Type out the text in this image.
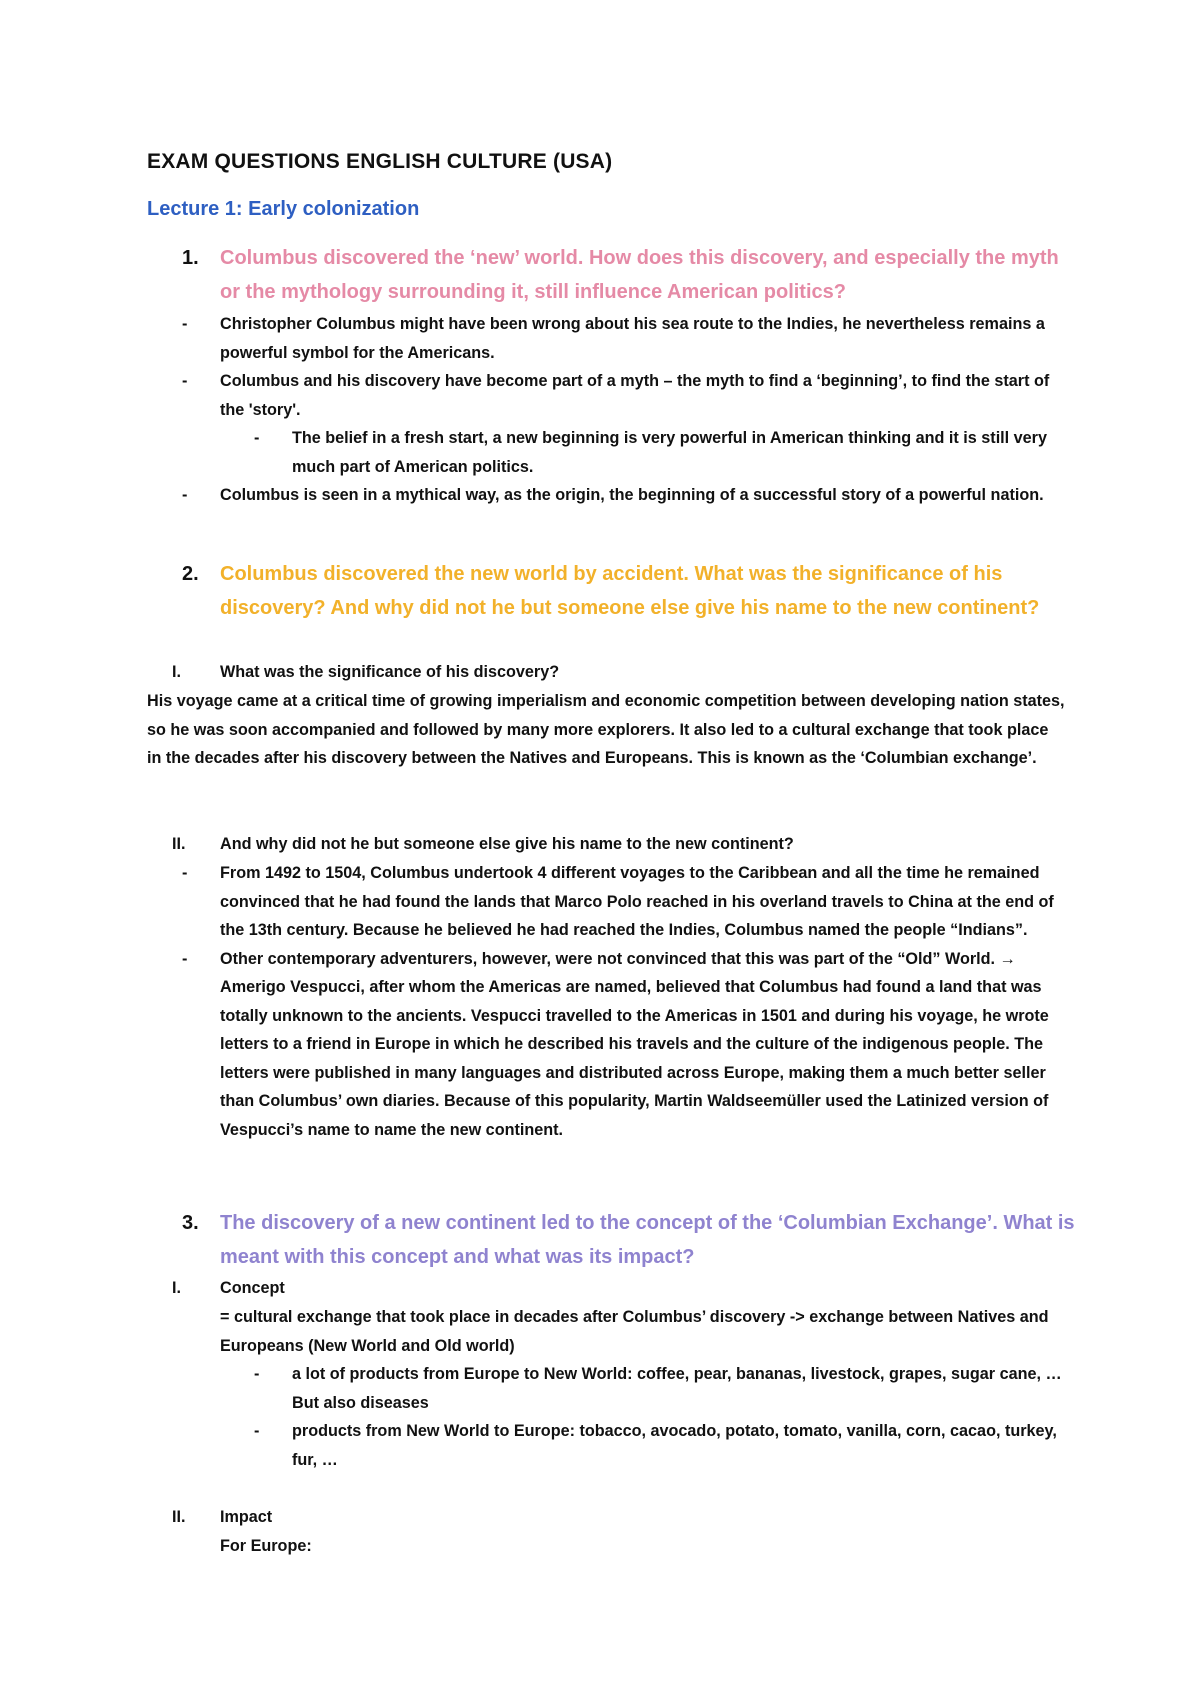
EXAM QUESTIONS ENGLISH CULTURE (USA)
Lecture 1: Early colonization
1.	Columbus discovered the ‘new’ world. How does this discovery, and especially the myth or the mythology surrounding it, still influence American politics?
- Christopher Columbus might have been wrong about his sea route to the Indies, he nevertheless remains a powerful symbol for the Americans.
- Columbus and his discovery have become part of a myth – the myth to find a ‘beginning’, to find the start of the 'story'.
- The belief in a fresh start, a new beginning is very powerful in American thinking and it is still very much part of American politics.
- Columbus is seen in a mythical way, as the origin, the beginning of a successful story of a powerful nation.
2.	Columbus discovered the new world by accident. What was the significance of his discovery? And why did not he but someone else give his name to the new continent?
I.	What was the significance of his discovery?

His voyage came at a critical time of growing imperialism and economic competition between developing nation states, so he was soon accompanied and followed by many more explorers. It also led to a cultural exchange that took place in the decades after his discovery between the Natives and Europeans. This is known as the ‘Columbian exchange’.

II.	And why did not he but someone else give his name to the new continent?
- From 1492 to 1504, Columbus undertook 4 different voyages to the Caribbean and all the time he remained convinced that he had found the lands that Marco Polo reached in his overland travels to China at the end of the 13th century. Because he believed he had reached the Indies, Columbus named the people “Indians”.
- Other contemporary adventurers, however, were not convinced that this was part of the “Old” World. → Amerigo Vespucci, after whom the Americas are named, believed that Columbus had found a land that was totally unknown to the ancients. Vespucci travelled to the Americas in 1501 and during his voyage, he wrote letters to a friend in Europe in which he described his travels and the culture of the indigenous people. The letters were published in many languages and distributed across Europe, making them a much better seller than Columbus’ own diaries. Because of this popularity, Martin Waldseemüller used the Latinized version of Vespucci’s name to name the new continent.
3.	The discovery of a new continent led to the concept of the ‘Columbian Exchange’. What is meant with this concept and what was its impact?
I.	Concept

= cultural exchange that took place in decades after Columbus’ discovery -> exchange between Natives and Europeans (New World and Old world)

- a lot of products from Europe to New World: coffee, pear, bananas, livestock, grapes, sugar cane, … But also diseases
- products from New World to Europe: tobacco, avocado, potato, tomato, vanilla, corn, cacao, turkey, fur, …
II.	Impact

For Europe:
